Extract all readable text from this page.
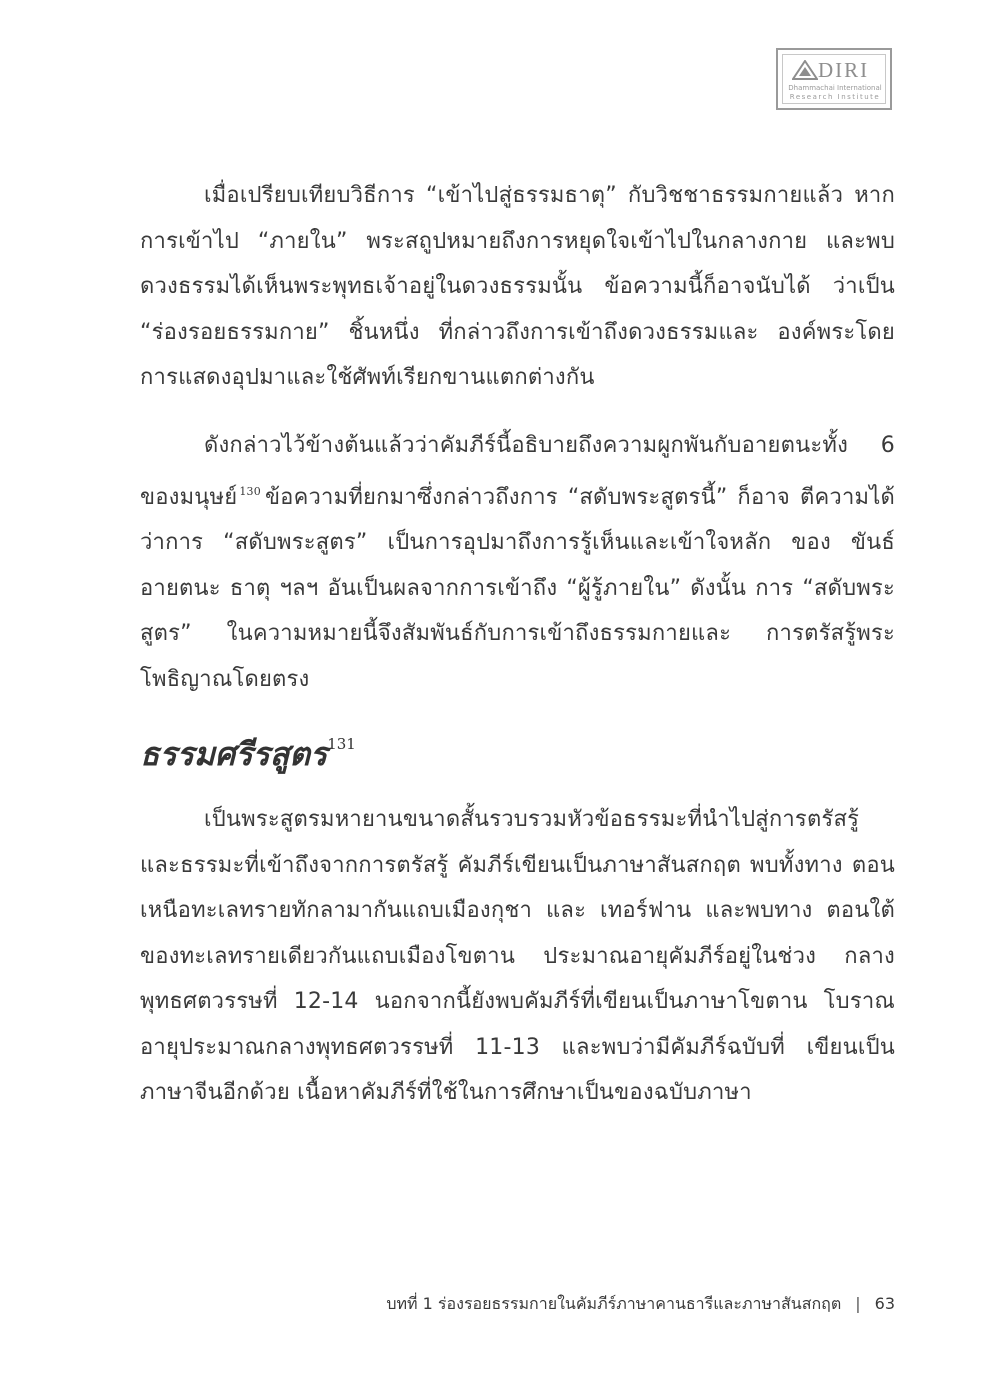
DIRI
Dhammachai International
Research Institute

เมื่อเปรียบเทียบวิธีการ “เข้าไปสู่ธรรมธาตุ” กับวิชชาธรรมกายแล้ว หากการเข้าไป “ภายใน” พระสถูปหมายถึงการหยุดใจเข้าไปในกลางกาย และพบดวงธรรมได้เห็นพระพุทธเจ้าอยู่ในดวงธรรมนั้น ข้อความนี้ก็อาจนับได้ ว่าเป็น “ร่องรอยธรรมกาย” ชิ้นหนึ่ง ที่กล่าวถึงการเข้าถึงดวงธรรมและ องค์พระโดยการแสดงอุปมาและใช้ศัพท์เรียกขานแตกต่างกัน

ดังกล่าวไว้ข้างต้นแล้วว่าคัมภีร์นี้อธิบายถึงความผูกพันกับอายตนะทั้ง 6 ของมนุษย์ $^{130}$ ข้อความที่ยกมาซึ่งกล่าวถึงการ “สดับพระสูตรนี้” ก็อาจ ตีความได้ว่าการ “สดับพระสูตร” เป็นการอุปมาถึงการรู้เห็นและเข้าใจหลัก ของ ขันธ์ อายตนะ ธาตุ ฯลฯ อันเป็นผลจากการเข้าถึง “ผู้รู้ภายใน” ดังนั้น การ “สดับพระสูตร” ในความหมายนี้จึงสัมพันธ์กับการเข้าถึงธรรมกายและ การตรัสรู้พระโพธิญาณโดยตรง

ธรรมศรีรสูตร$^{131}$

เป็นพระสูตรมหายานขนาดสั้นรวบรวมหัวข้อธรรมะที่นำไปสู่การตรัสรู้ และธรรมะที่เข้าถึงจากการตรัสรู้ คัมภีร์เขียนเป็นภาษาสันสกฤต พบทั้งทาง ตอนเหนือทะเลทรายทักลามากันแถบเมืองกุชา และ เทอร์ฟาน และพบทาง ตอนใต้ของทะเลทรายเดียวกันแถบเมืองโขตาน ประมาณอายุคัมภีร์อยู่ในช่วง กลางพุทธศตวรรษที่ 12-14 นอกจากนี้ยังพบคัมภีร์ที่เขียนเป็นภาษาโขตาน โบราณอายุประมาณกลางพุทธศตวรรษที่ 11-13 และพบว่ามีคัมภีร์ฉบับที่ เขียนเป็นภาษาจีนอีกด้วย เนื้อหาคัมภีร์ที่ใช้ในการศึกษาเป็นของฉบับภาษา

บทที่ 1 ร่องรอยธรรมกายในคัมภีร์ภาษาคานธารีและภาษาสันสกฤต | 63
